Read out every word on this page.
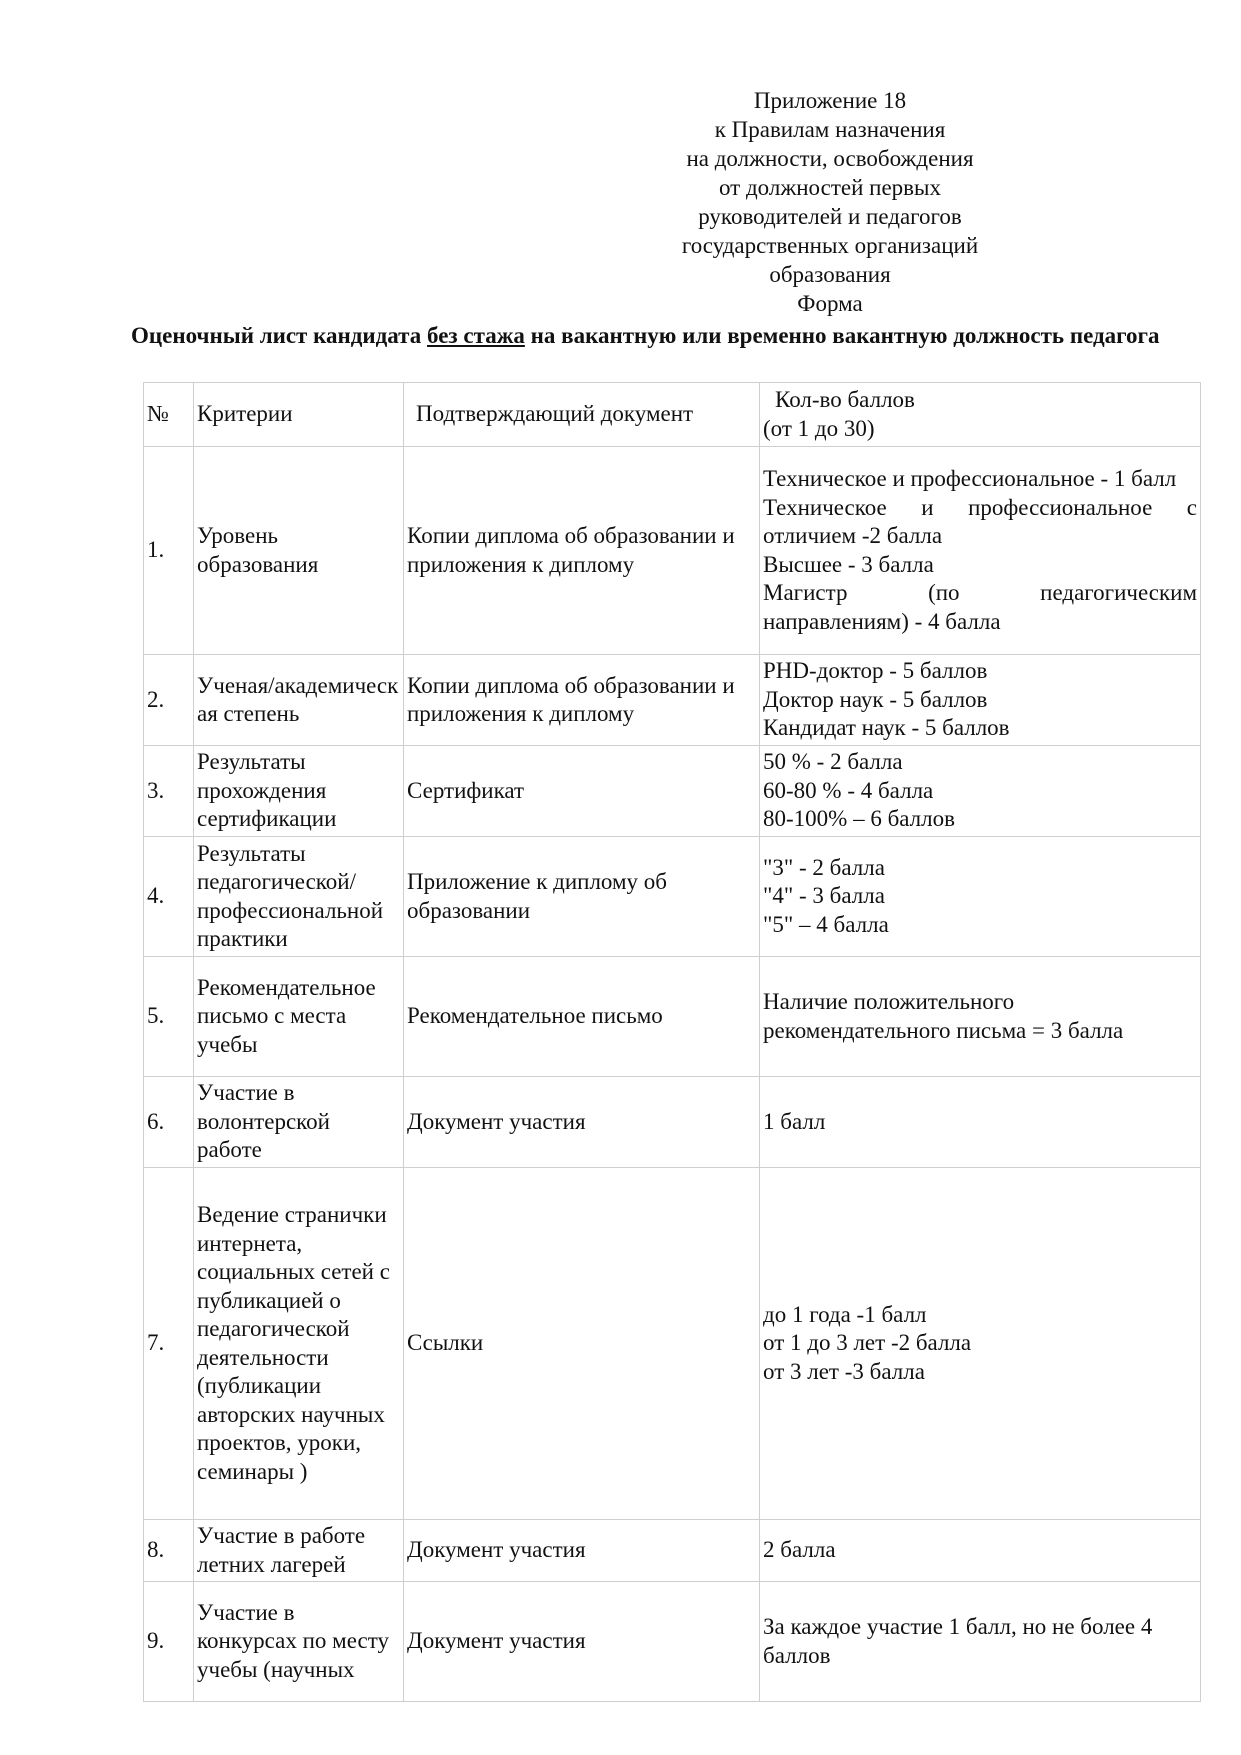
Приложение 18
к Правилам назначения
на должности, освобождения
от должностей первых
руководителей и педагогов
государственных организаций
образования
Форма
Оценочный лист кандидата без стажа на вакантную или временно вакантную должность педагога
№	Критерии	Подтверждающий документ	Кол-во баллов
(от 1 до 30)

1.	Уровень образования	Копии диплома об образовании и приложения к диплому	Техническое и профессиональное - 1 балл
Техническое и профессиональное с отличием -2 балла
Высшее - 3 балла
Магистр (по педагогическим направлениям) - 4 балла

2.	Ученая/академическая степень	Копии диплома об образовании и приложения к диплому	PHD-доктор - 5 баллов
Доктор наук - 5 баллов
Кандидат наук - 5 баллов

3.	Результаты прохождения сертификации	Сертификат	50 % - 2 балла
60-80 % - 4 балла
80-100% – 6 баллов

4.	Результаты педагогической/ профессиональной практики	Приложение к диплому об образовании	"3" - 2 балла
"4" - 3 балла
"5" – 4 балла

5.	Рекомендательное письмо с места учебы	Рекомендательное письмо	Наличие положительного рекомендательного письма = 3 балла
6.	Участие в волонтерской работе	Документ участия	1 балл
7.	Ведение странички интернета, социальных сетей с публикацией о педагогической деятельности (публикации авторских научных проектов, уроки, семинары )	Ссылки	до 1 года -1 балл
от 1 до 3 лет -2 балла
от 3 лет -3 балла

8.	Участие в работе летних лагерей	Документ участия	2 балла
9.	Участие в конкурсах по месту учебы (научных	Документ участия	За каждое участие 1 балл, но не более 4 баллов
